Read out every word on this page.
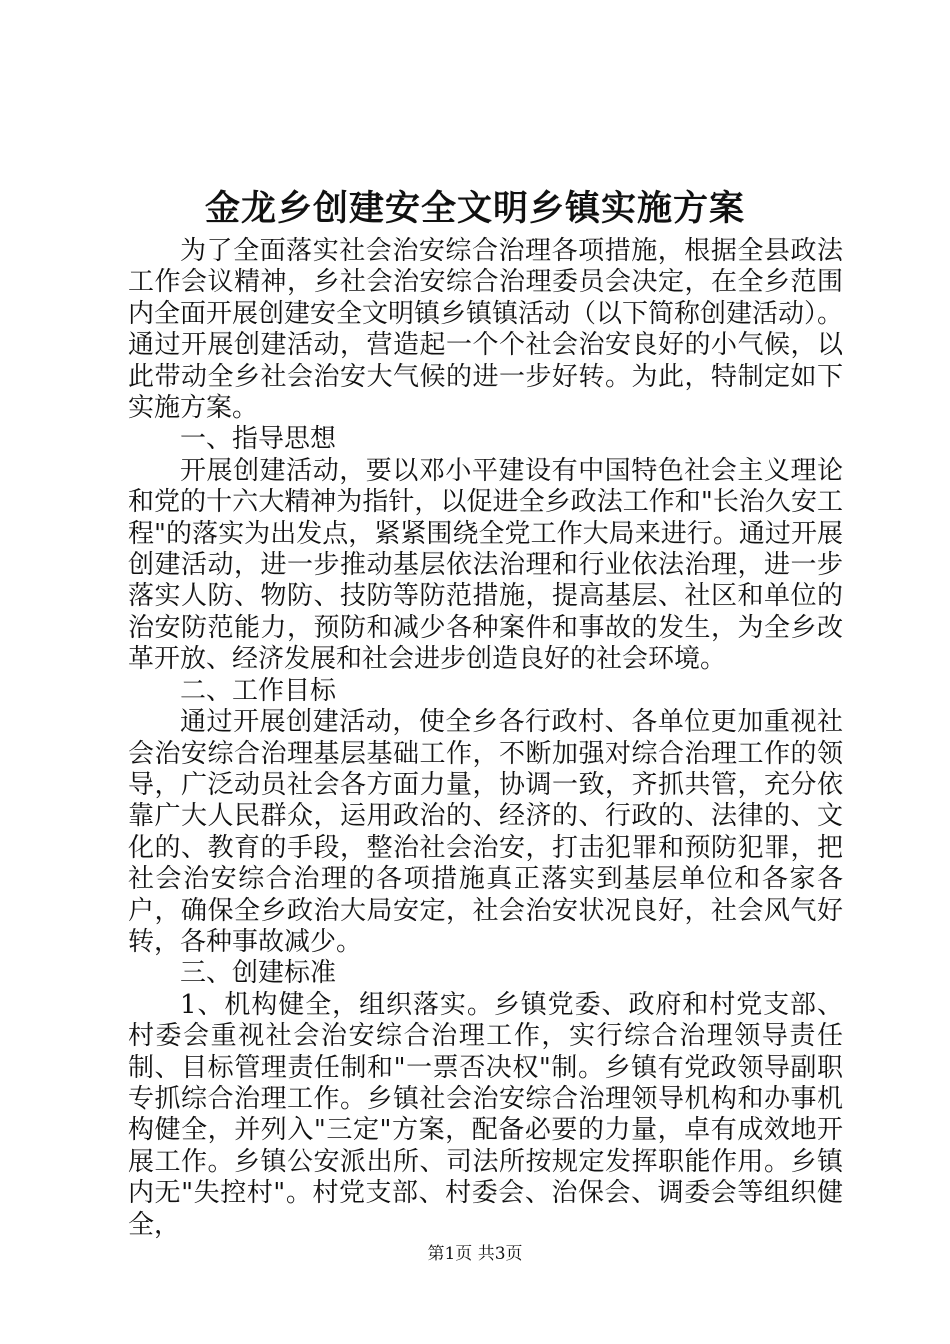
金龙乡创建安全文明乡镇实施方案

为了全面落实社会治安综合治理各项措施，根据全县政法工作会议精神，乡社会治安综合治理委员会决定，在全乡范围内全面开展创建安全文明镇乡镇镇活动（以下简称创建活动）。通过开展创建活动，营造起一个个社会治安良好的小气候，以此带动全乡社会治安大气候的进一步好转。为此，特制定如下实施方案。

一、指导思想

开展创建活动，要以邓小平建设有中国特色社会主义理论和党的十六大精神为指针，以促进全乡政法工作和"长治久安工程"的落实为出发点，紧紧围绕全党工作大局来进行。通过开展创建活动，进一步推动基层依法治理和行业依法治理，进一步落实人防、物防、技防等防范措施，提高基层、社区和单位的治安防范能力，预防和减少各种案件和事故的发生，为全乡改革开放、经济发展和社会进步创造良好的社会环境。

二、工作目标

通过开展创建活动，使全乡各行政村、各单位更加重视社会治安综合治理基层基础工作，不断加强对综合治理工作的领导，广泛动员社会各方面力量，协调一致，齐抓共管，充分依靠广大人民群众，运用政治的、经济的、行政的、法律的、文化的、教育的手段，整治社会治安，打击犯罪和预防犯罪，把社会治安综合治理的各项措施真正落实到基层单位和各家各户，确保全乡政治大局安定，社会治安状况良好，社会风气好转，各种事故减少。

三、创建标准

1、机构健全，组织落实。乡镇党委、政府和村党支部、村委会重视社会治安综合治理工作，实行综合治理领导责任制、目标管理责任制和"一票否决权"制。乡镇有党政领导副职专抓综合治理工作。乡镇社会治安综合治理领导机构和办事机构健全，并列入"三定"方案，配备必要的力量，卓有成效地开展工作。乡镇公安派出所、司法所按规定发挥职能作用。乡镇内无"失控村"。村党支部、村委会、治保会、调委会等组织健全，

第1页 共3页
